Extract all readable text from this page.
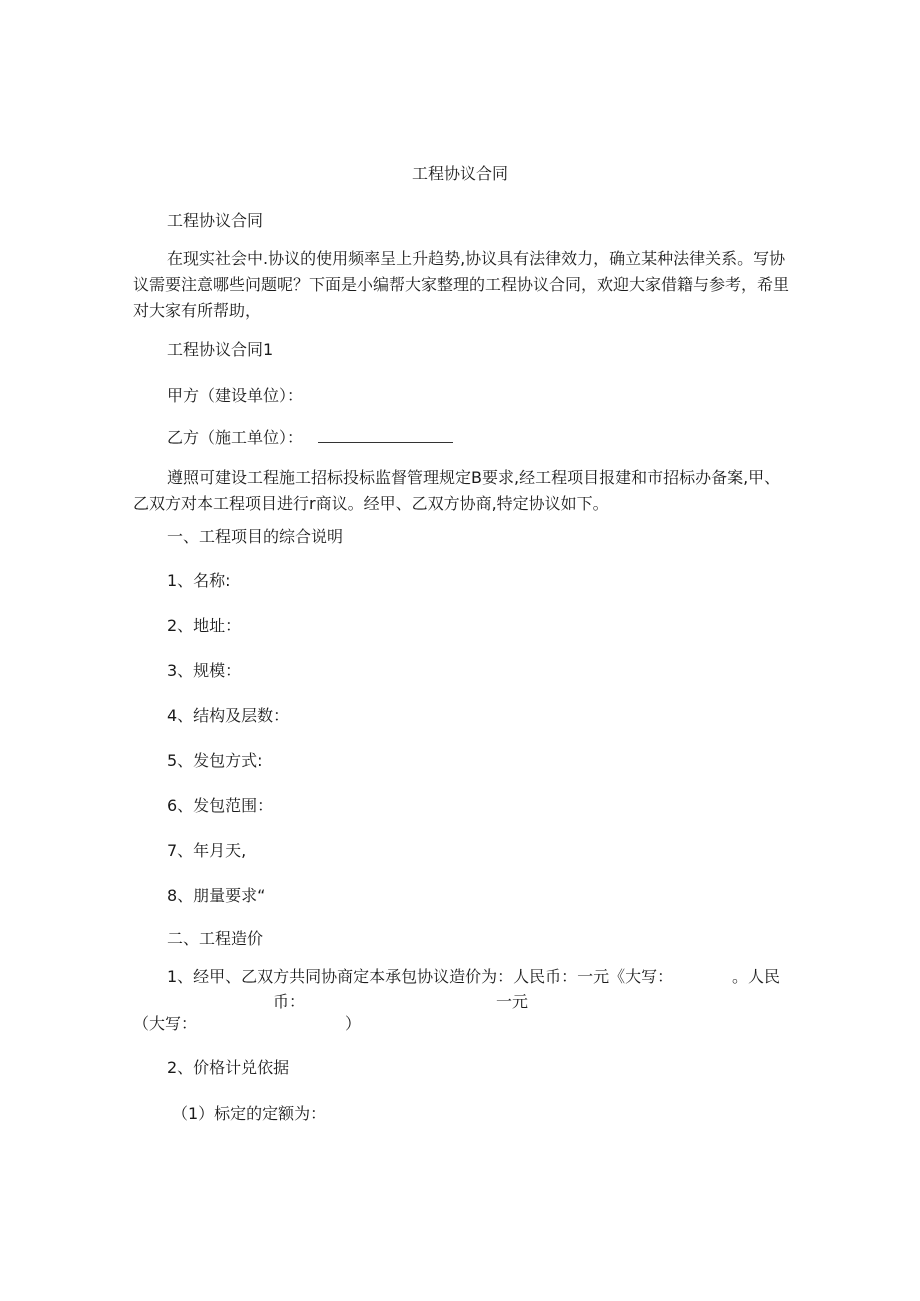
工程协议合同
工程协议合同
在现实社会中.协议的使用频率呈上升趋势,协议具有法律效力，确立某种法律关系。写协议需要注意哪些问题呢？下面是小编帮大家整理的工程协议合同，欢迎大家借籍与参考，希里对大家有所帮助，
工程协议合同1
甲方（建设单位）：
乙方（施工单位）：
遵照可建设工程施工招标投标监督管理规定B要求,经工程项目报建和市招标办备案,甲、乙双方对本工程项目进行r商议。经甲、乙双方协商,特定协议如下。
一、工程项目的综合说明
1、名称:
2、地址：
3、规模：
4、结构及层数：
5、发包方式:
6、发包范围：
7、年月天,
8、朋量要求“
二、工程造价
1、经甲、乙双方共同协商定本承包协议造价为：人民币：一元《大写：	。人民
币：	一元
（大写：	）
2、价格计兑依据
（1）标定的定额为：
